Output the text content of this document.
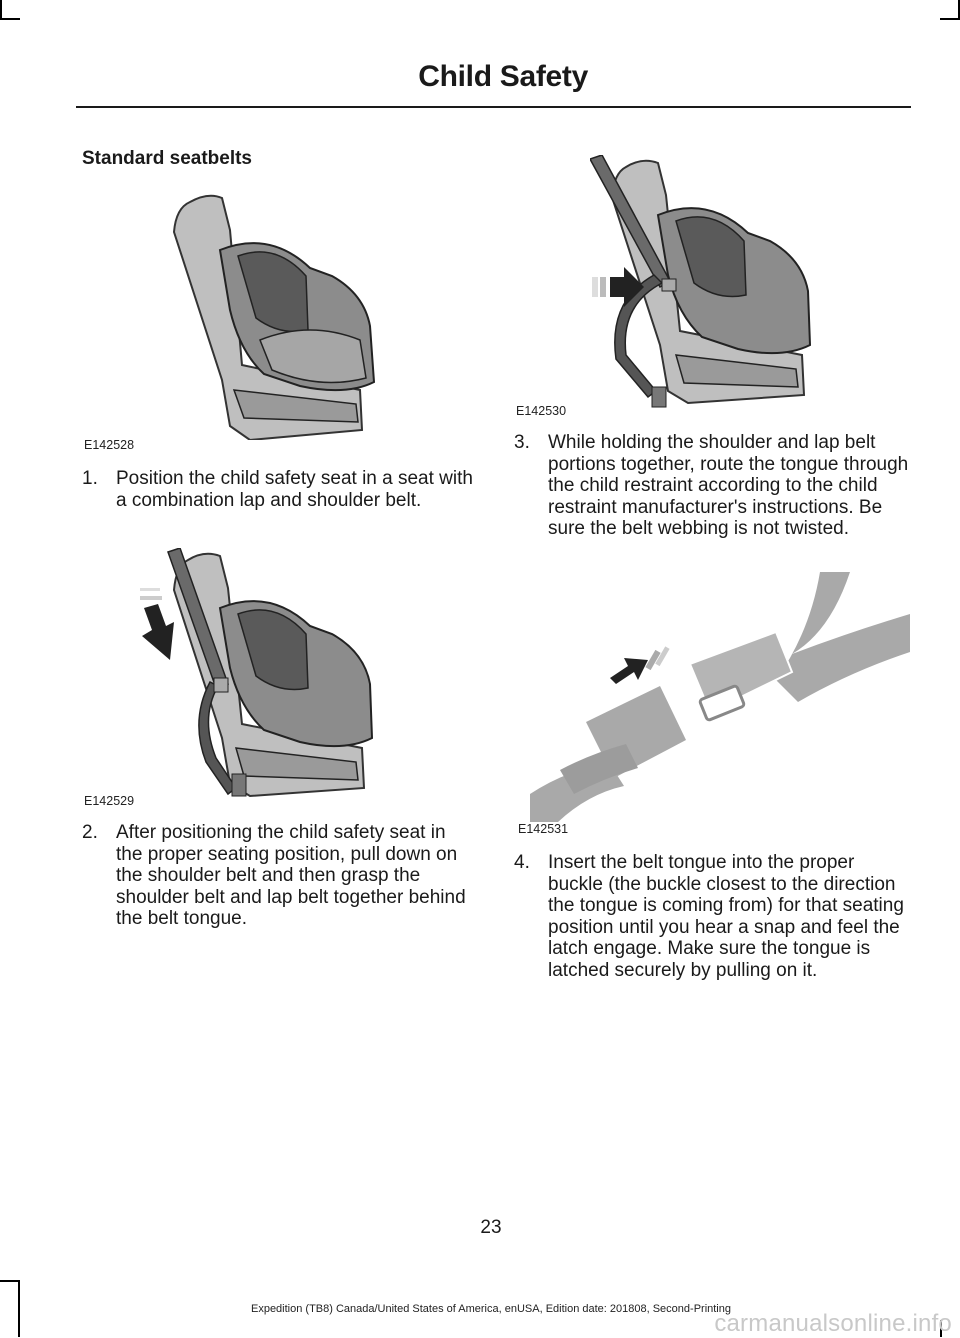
Child Safety
Standard seatbelts
E142528
1. Position the child safety seat in a seat with a combination lap and shoulder belt.
E142529
2. After positioning the child safety seat in the proper seating position, pull down on the shoulder belt and then grasp the shoulder belt and lap belt together behind the belt tongue.
E142530
3. While holding the shoulder and lap belt portions together, route the tongue through the child restraint according to the child restraint manufacturer's instructions. Be sure the belt webbing is not twisted.
E142531
4. Insert the belt tongue into the proper buckle (the buckle closest to the direction the tongue is coming from) for that seating position until you hear a snap and feel the latch engage. Make sure the tongue is latched securely by pulling on it.
23
Expedition (TB8) Canada/United States of America, enUSA, Edition date: 201808, Second-Printing
carmanualsonline.info
